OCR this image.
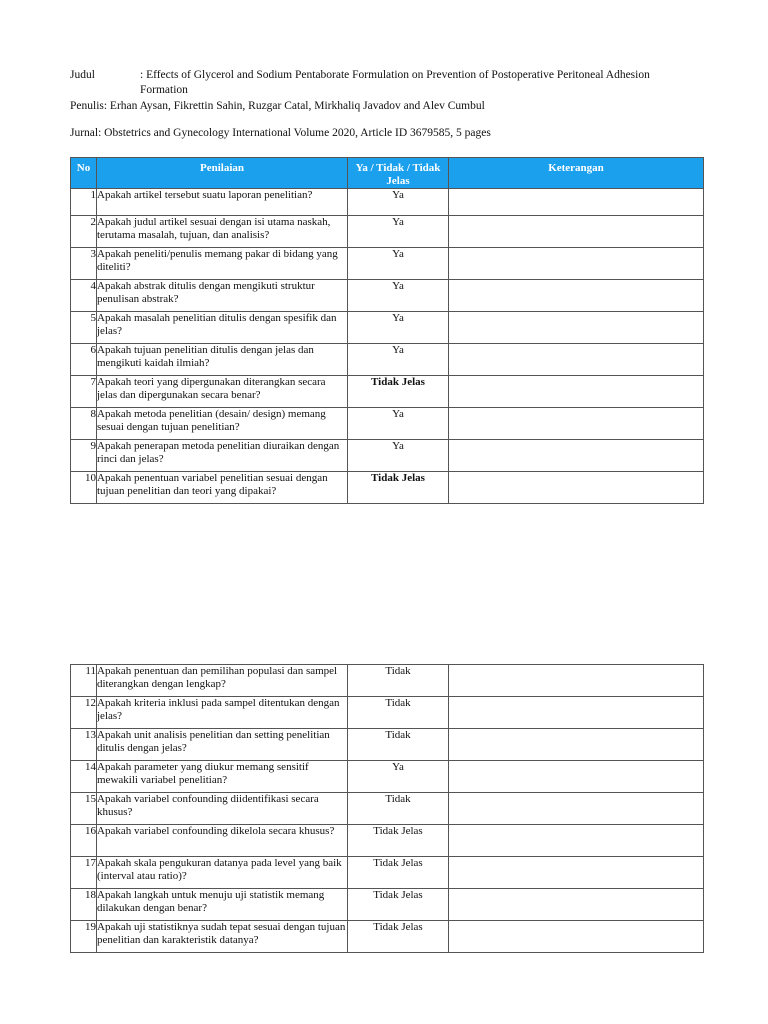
Judul	: Effects of Glycerol and Sodium Pentaborate Formulation on Prevention of Postoperative Peritoneal Adhesion Formation
Penulis: Erhan Aysan, Fikrettin Sahin, Ruzgar Catal, Mirkhaliq Javadov and Alev Cumbul
Jurnal: Obstetrics and Gynecology International Volume 2020, Article ID 3679585, 5 pages
No	Penilaian	Ya / Tidak / Tidak Jelas	Keterangan
1	Apakah artikel tersebut suatu laporan penelitian?	Ya	
2	Apakah judul artikel sesuai dengan isi utama naskah, terutama masalah, tujuan, dan analisis?	Ya	
3	Apakah peneliti/penulis memang pakar di bidang yang diteliti?	Ya	
4	Apakah abstrak ditulis dengan mengikuti struktur penulisan abstrak?	Ya	
5	Apakah masalah penelitian ditulis dengan spesifik dan jelas?	Ya	
6	Apakah tujuan penelitian ditulis dengan jelas dan mengikuti kaidah ilmiah?	Ya	
7	Apakah teori yang dipergunakan diterangkan secara jelas dan dipergunakan secara benar?	Tidak Jelas	
8	Apakah metoda penelitian (desain/ design) memang sesuai dengan tujuan penelitian?	Ya	
9	Apakah penerapan metoda penelitian diuraikan dengan rinci dan jelas?	Ya	
10	Apakah penentuan variabel penelitian sesuai dengan tujuan penelitian dan teori yang dipakai?	Tidak Jelas	
11	Apakah penentuan dan pemilihan populasi dan sampel diterangkan dengan lengkap?	Tidak	
12	Apakah kriteria inklusi pada sampel ditentukan dengan jelas?	Tidak	
13	Apakah unit analisis penelitian dan setting penelitian ditulis dengan jelas?	Tidak	
14	Apakah parameter yang diukur memang sensitif mewakili variabel penelitian?	Ya	
15	Apakah variabel confounding diidentifikasi secara khusus?	Tidak	
16	Apakah variabel confounding dikelola secara khusus?	Tidak Jelas	
17	Apakah skala pengukuran datanya pada level yang baik (interval atau ratio)?	Tidak Jelas	
18	Apakah langkah untuk menuju uji statistik memang dilakukan dengan benar?	Tidak Jelas	
19	Apakah uji statistiknya sudah tepat sesuai dengan tujuan penelitian dan karakteristik datanya?	Tidak Jelas	
